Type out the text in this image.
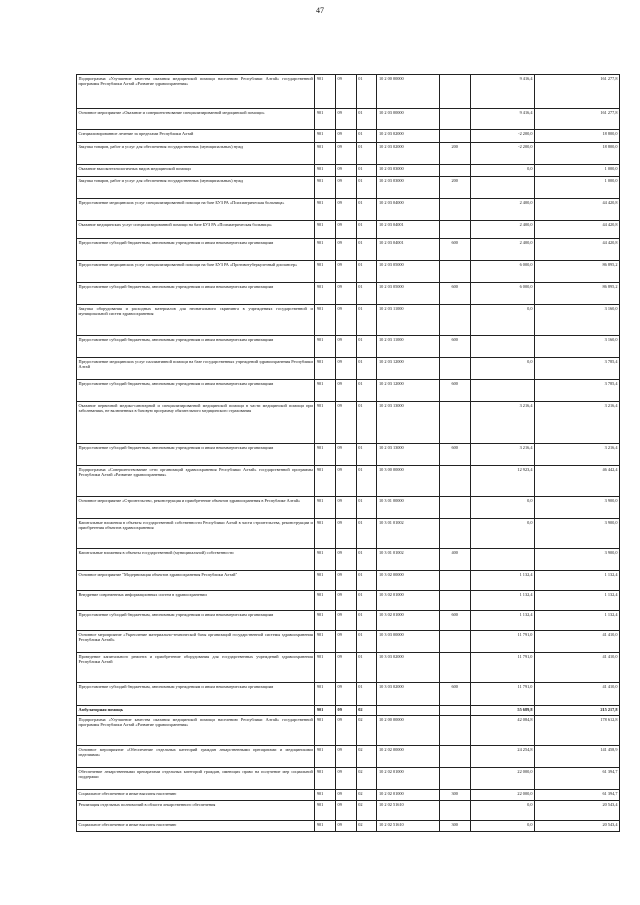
47
Подпрограмма «Улучшение качества оказания медицинской помощи населению Республики Алтай» государственной программы Республики Алтай «Развитие здравоохранения»	901	09	01	10 2 00 00000		9 416,4	161 277,8
Основное мероприятие «Оказание и совершенствование специализированной медицинской помощи»	901	09	01	10 2 03 00000		9 416,4	161 277,8
Специализированное лечение за пределами Республики Алтай	901	09	01	10 2 03 02000		-2 200,0	18 800,0
Закупка товаров, работ и услуг для обеспечения государственных (муниципальных) нужд	901	09	01	10 2 03 02000	200	-2 200,0	18 800,0
Оказание высокотехнологичных видов медицинской помощи	901	09	01	10 2 03 03000		0,0	1 000,0
Закупка товаров, работ и услуг для обеспечения государственных (муниципальных) нужд	901	09	01	10 2 03 03000	200		1 000,0
Предоставление медицинских услуг специализированной помощи на базе БУЗ РА «Психиатрическая больница»	901	09	01	10 2 03 04000		2 400,0	44 420,8
Оказание медицинских услуг специализированной помощи на базе БУЗ РА «Психиатрическая больница»	901	09	01	10 2 03 04001		2 400,0	44 420,8
Предоставление субсидий бюджетным, автономным учреждениям и иным некоммерческим организациям	901	09	01	10 2 03 04001	600	2 400,0	44 420,8
Предоставление медицинских услуг специализированной помощи на базе БУЗ РА «Противотуберкулезный диспансер»	901	09	01	10 2 03 05000		6 000,0	86 895,2
Предоставление субсидий бюджетным, автономным учреждениям и иным некоммерческим организациям	901	09	01	10 2 03 05000	600	6 000,0	86 895,2
Закупка оборудования и расходных материалов для неонатального скрининга в учреждениях государственной и муниципальной систем здравоохранения	901	09	01	10 2 03 11000		0,0	3 160,0
Предоставление субсидий бюджетным, автономным учреждениям и иным некоммерческим организациям	901	09	01	10 2 03 11000	600		3 160,0
Предоставление медицинских услуг паллиативной помощи на базе государственных учреждений здравоохранения Республики Алтай	901	09	01	10 2 03 12000		0,0	3 785,4
Предоставление субсидий бюджетным, автономным учреждениям и иным некоммерческим организациям	901	09	01	10 2 03 12000	600		3 785,4
Оказание первичной медико-санитарной и специализированной медицинской помощи в части медицинской помощи при заболеваниях, не включенных в базовую программу обязательного медицинского страхования	901	09	01	10 2 03 13000		3 216,4	3 216,4
Предоставление субсидий бюджетным, автономным учреждениям и иным некоммерческим организациям	901	09	01	10 2 03 13000	600	3 216,4	3 216,4
Подпрограмма «Совершенствование сети организаций здравоохранения Республики Алтай» государственной программы Республики Алтай «Развитие здравоохранения»	901	09	01	10 3 00 00000		12 923,4	46 442,4
Основное мероприятие «Строительство, реконструкция и приобретение объектов здравоохранения в Республике Алтай»	901	09	01	10 3 01 00000		0,0	3 900,0
Капитальные вложения в объекты государственной собственности Республики Алтай в части строительства, реконструкции и приобретения объектов здравоохранения	901	09	01	10 3 01 01002		0,0	3 900,0
Капитальные вложения в объекты государственной (муниципальной) собственности	901	09	01	10 3 01 01002	400		3 900,0
Основное мероприятие "Модернизация объектов здравоохранения Республики Алтай"	901	09	01	10 3 02 00000		1 132,4	1 132,4
Внедрение современных информационных систем в здравоохранении	901	09	01	10 3 02 01000		1 132,4	1 132,4
Предоставление субсидий бюджетным, автономным учреждениям и иным некоммерческим организациям	901	09	01	10 3 02 01000	600	1 132,4	1 132,4
Основное мероприятие «Укрепление материально-технической базы организаций государственной системы здравоохранения Республики Алтай»	901	09	01	10 3 03 00000		11 791,0	41 410,0
Проведение капитального ремонта и приобретение оборудования для государственных учреждений здравоохранения Республики Алтай	901	09	01	10 3 03 02000		11 791,0	41 410,0
Предоставление субсидий бюджетным, автономным учреждениям и иным некоммерческим организациям	901	09	01	10 3 03 02000	600	11 791,0	41 410,0
Амбулаторная помощь	901	09	02			55 689,8	215 217,8
Подпрограмма «Улучшение качества оказания медицинской помощи населению Республики Алтай» государственной программы Республики Алтай «Развитие здравоохранения»	901	09	02	10 2 00 00000		42 084,8	178 612,8
Основное мероприятие «Обеспечение отдельных категорий граждан лекарственными препаратами и медицинскими изделиями»	901	09	02	10 2 02 00000		24 254,8	141 458,9
Обеспечение лекарственными препаратами отдельных категорий граждан, имеющих право на получение мер социальной поддержки	901	09	02	10 2 02 01000		22 000,0	61 394,7
Социальное обеспечение и иные выплаты населению	901	09	02	10 2 02 01000	300	22 000,0	61 394,7
Реализация отдельных полномочий в области лекарственного обеспечения	901	09	02	10 2 02 51610		0,0	20 543,4
Социальное обеспечение и иные выплаты населению	901	09	02	10 2 02 51610	300	0,0	20 543,4
